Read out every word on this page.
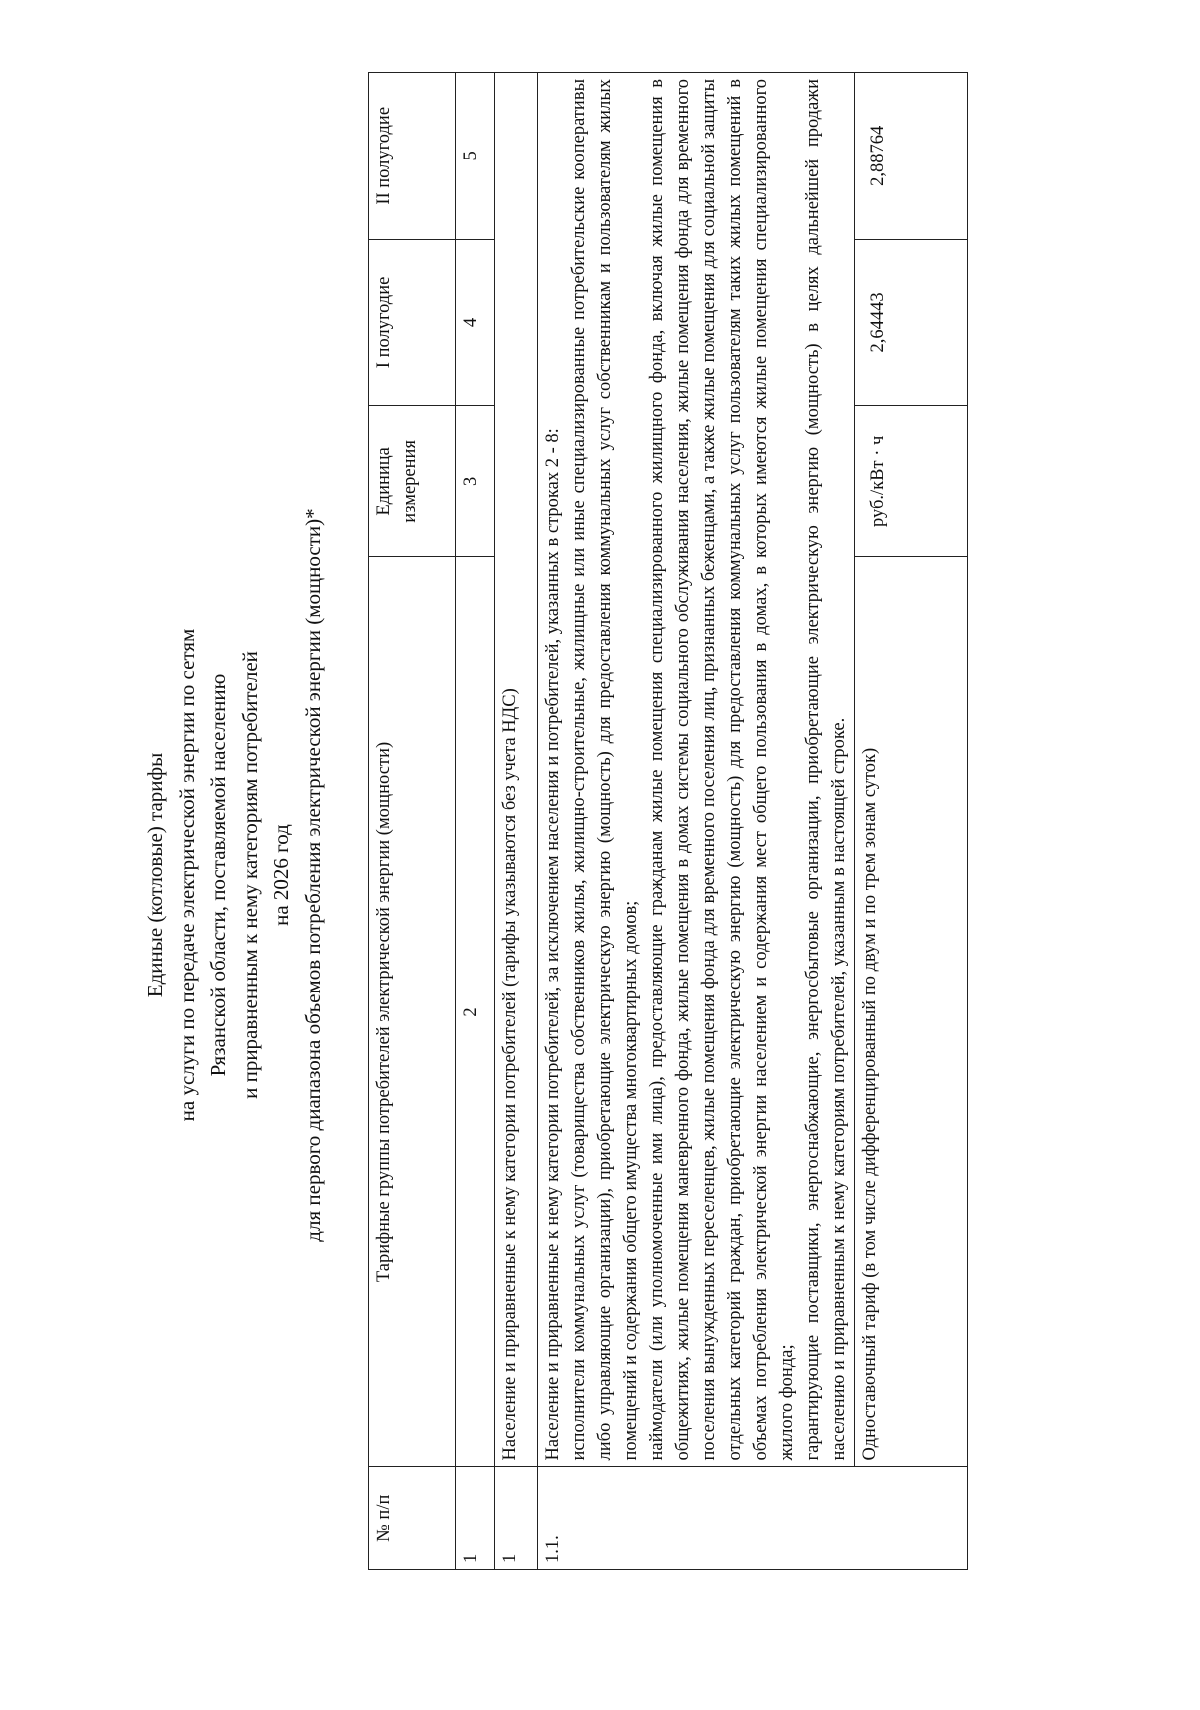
Единые (котловые) тарифы на услуги по передаче электрической энергии по сетям Рязанской области, поставляемой населению и приравненным к нему категориям потребителей на 2026 год для первого диапазона объемов потребления электрической энергии (мощности)*
№ п/п	Тарифные группы потребителей электрической энергии (мощности)	Единица измерения	I полугодие	II полугодие
1	2	3	4	5
1	Население и приравненные к нему категории потребителей (тарифы указываются без учета НДС)			
1.1.	Население и приравненные к нему категории потребителей, за исключением населения и потребителей, указанных в строках 2 - 8: исполнители коммунальных услуг (товарищества собственников жилья, жилищно-строительные, жилищные или иные специализированные потребительские кооперативы либо управляющие организации), приобретающие электрическую энергию (мощность) для предоставления коммунальных услуг собственникам и пользователям жилых помещений и содержания общего имущества многоквартирных домов; наймодатели (или уполномоченные ими лица), предоставляющие гражданам жилые помещения специализированного жилищного фонда, включая жилые помещения в общежитиях, жилые помещения маневренного фонда, жилые помещения в домах системы социального обслуживания населения, жилые помещения фонда для временного поселения вынужденных переселенцев, жилые помещения фонда для временного поселения лиц, признанных беженцами, а также жилые помещения для социальной защиты отдельных категорий граждан, приобретающие электрическую энергию (мощность) для предоставления коммунальных услуг пользователям таких жилых помещений в объемах потребления электрической энергии населением и содержания мест общего пользования в домах, в которых имеются жилые помещения специализированного жилого фонда; гарантирующие поставщики, энергоснабжающие, энергосбытовые организации, приобретающие электрическую энергию (мощность) в целях дальнейшей продажи населению и приравненным к нему категориям потребителей, указанным в настоящей строке.			

	Одноставочный тариф (в том числе дифференцированный по двум и по трем зонам суток)	руб./кВт · ч	2,64443	2,88764
